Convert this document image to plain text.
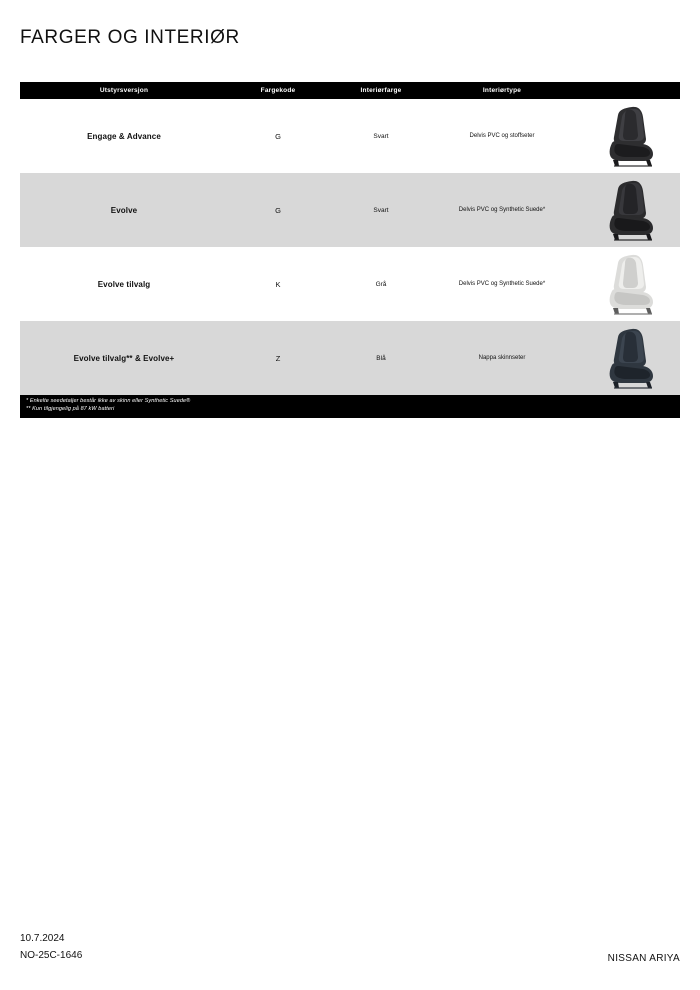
FARGER OG INTERIØR
Utstyrsversjon	Fargekode	Interiørfarge	Interiørtype
Engage & Advance	G	Svart	Delvis PVC og stoffseter
Evolve	G	Svart	Delvis PVC og Synthetic Suede*
Evolve tilvalg	K	Grå	Delvis PVC og Synthetic Suede*
Evolve tilvalg** & Evolve+	Z	Blå	Nappa skinnseter
* Enkelte seedetaljer består ikke av skinn eller Synthetic Suede®
** Kun tilgjengelig på 87 kW batteri
10.7.2024
NO-25C-1646	NISSAN ARIYA
